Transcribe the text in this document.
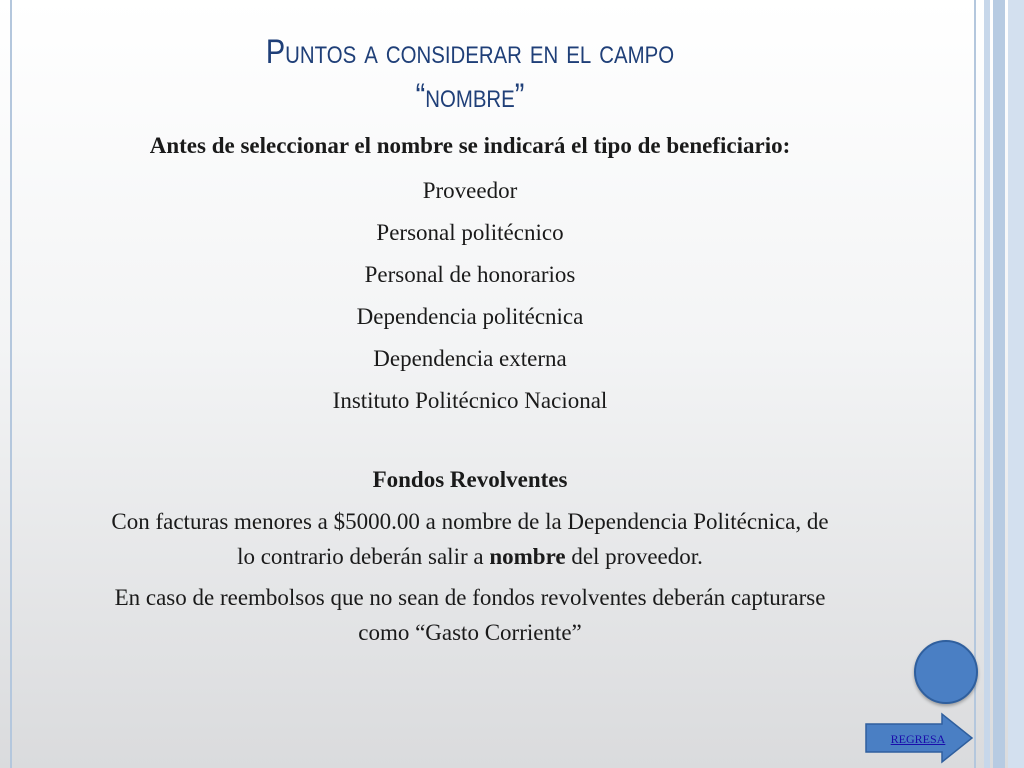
Puntos a considerar en el campo
“nombre”

Antes de seleccionar el nombre se indicará el tipo de beneficiario:

Proveedor
Personal politécnico
Personal de honorarios
Dependencia politécnica
Dependencia externa
Instituto Politécnico Nacional
Fondos Revolventes

Con facturas menores a $5000.00 a nombre de la Dependencia Politécnica, de lo contrario deberán salir a nombre del proveedor.

En caso de reembolsos que no sean de fondos revolventes deberán capturarse como “Gasto Corriente”

REGRESA
